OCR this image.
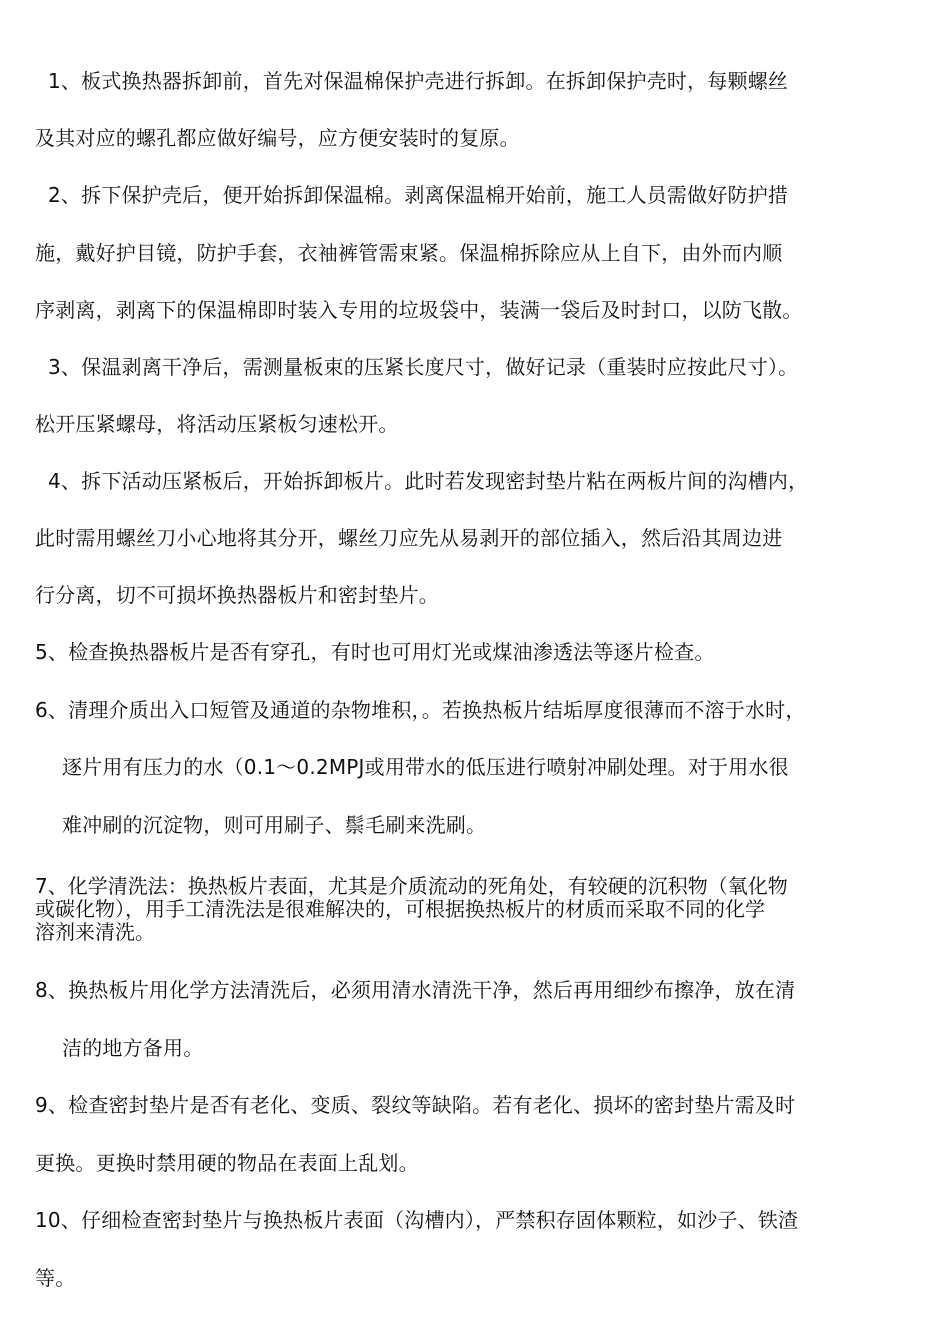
1、板式换热器拆卸前，首先对保温棉保护壳进行拆卸。在拆卸保护壳时，每颗螺丝
及其对应的螺孔都应做好编号，应方便安装时的复原。
2、拆下保护壳后，便开始拆卸保温棉。剥离保温棉开始前，施工人员需做好防护措
施，戴好护目镜，防护手套，衣袖裤管需束紧。保温棉拆除应从上自下，由外而内顺
序剥离，剥离下的保温棉即时装入专用的垃圾袋中，装满一袋后及时封口，以防飞散。
3、保温剥离干净后，需测量板束的压紧长度尺寸，做好记录（重装时应按此尺寸）。
松开压紧螺母，将活动压紧板匀速松开。
4、拆下活动压紧板后，开始拆卸板片。此时若发现密封垫片粘在两板片间的沟槽内，
此时需用螺丝刀小心地将其分开，螺丝刀应先从易剥开的部位插入，然后沿其周边进
行分离，切不可损坏换热器板片和密封垫片。
5、检查换热器板片是否有穿孔，有时也可用灯光或煤油渗透法等逐片检查。
6、清理介质出入口短管及通道的杂物堆积，。若换热板片结垢厚度很薄而不溶于水时，
逐片用有压力的水（0.1〜0.2MPJ或用带水的低压进行喷射冲刷处理。对于用水很
难冲刷的沉淀物，则可用刷子、鬃毛刷来洗刷。
7、化学清洗法：换热板片表面，尤其是介质流动的死角处，有较硬的沉积物（氧化物
或碳化物），用手工清洗法是很难解决的，可根据换热板片的材质而采取不同的化学
溶剂来清洗。
8、换热板片用化学方法清洗后，必须用清水清洗干净，然后再用细纱布擦净，放在清
洁的地方备用。
9、检查密封垫片是否有老化、变质、裂纹等缺陷。若有老化、损坏的密封垫片需及时
更换。更换时禁用硬的物品在表面上乱划。
10、仔细检查密封垫片与换热板片表面（沟槽内），严禁积存固体颗粒，如沙子、铁渣
等。
